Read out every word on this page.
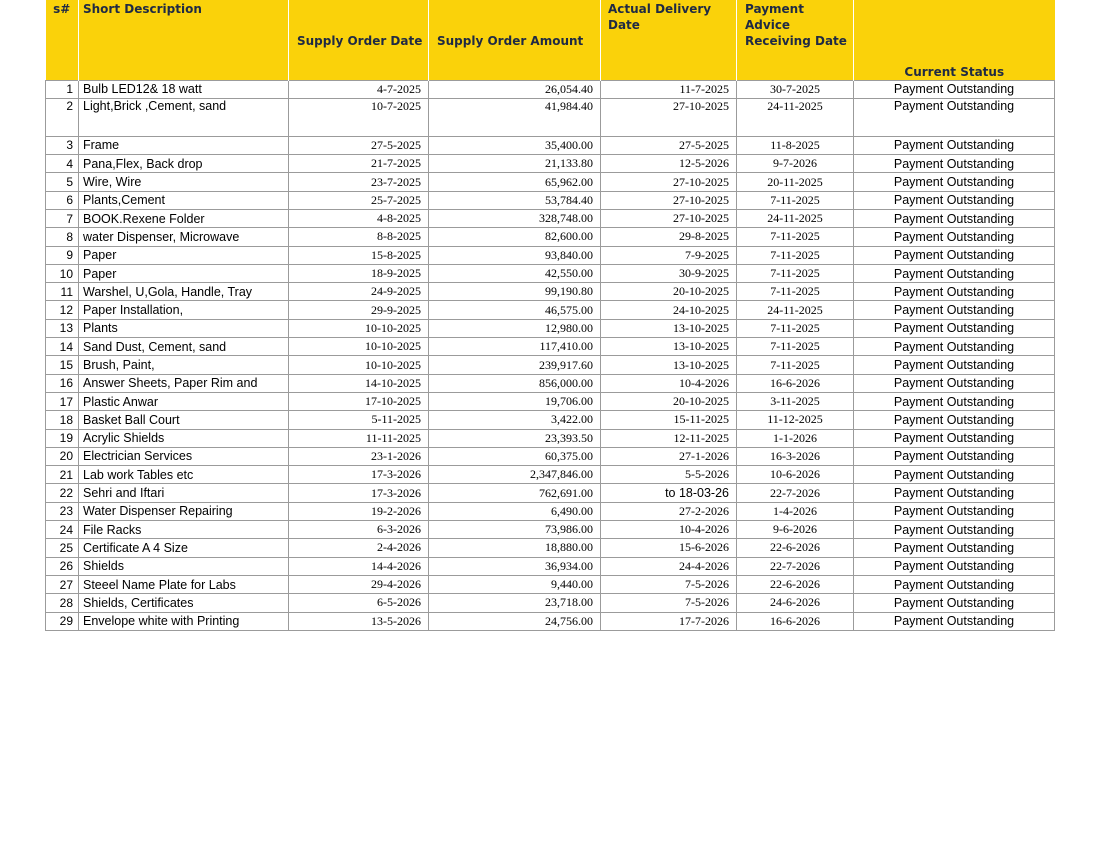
s#	Short Description	Supply Order Date	Supply Order Amount	Actual Delivery Date	Payment Advice Receiving Date	Current Status
1	Bulb LED12& 18 watt	4-7-2025	26,054.40	11-7-2025	30-7-2025	Payment Outstanding
2	Light,Brick ,Cement, sand	10-7-2025	41,984.40	27-10-2025	24-11-2025	Payment Outstanding
3	Frame	27-5-2025	35,400.00	27-5-2025	11-8-2025	Payment Outstanding
4	Pana,Flex, Back drop	21-7-2025	21,133.80	12-5-2026	9-7-2026	Payment Outstanding
5	Wire, Wire	23-7-2025	65,962.00	27-10-2025	20-11-2025	Payment Outstanding
6	Plants,Cement	25-7-2025	53,784.40	27-10-2025	7-11-2025	Payment Outstanding
7	BOOK.Rexene Folder	4-8-2025	328,748.00	27-10-2025	24-11-2025	Payment Outstanding
8	water Dispenser, Microwave	8-8-2025	82,600.00	29-8-2025	7-11-2025	Payment Outstanding
9	Paper	15-8-2025	93,840.00	7-9-2025	7-11-2025	Payment Outstanding
10	Paper	18-9-2025	42,550.00	30-9-2025	7-11-2025	Payment Outstanding
11	Warshel, U,Gola, Handle, Tray	24-9-2025	99,190.80	20-10-2025	7-11-2025	Payment Outstanding
12	Paper Installation,	29-9-2025	46,575.00	24-10-2025	24-11-2025	Payment Outstanding
13	Plants	10-10-2025	12,980.00	13-10-2025	7-11-2025	Payment Outstanding
14	Sand Dust, Cement, sand	10-10-2025	117,410.00	13-10-2025	7-11-2025	Payment Outstanding
15	Brush, Paint,	10-10-2025	239,917.60	13-10-2025	7-11-2025	Payment Outstanding
16	Answer Sheets, Paper Rim and	14-10-2025	856,000.00	10-4-2026	16-6-2026	Payment Outstanding
17	Plastic Anwar	17-10-2025	19,706.00	20-10-2025	3-11-2025	Payment Outstanding
18	Basket Ball Court	5-11-2025	3,422.00	15-11-2025	11-12-2025	Payment Outstanding
19	Acrylic Shields	11-11-2025	23,393.50	12-11-2025	1-1-2026	Payment Outstanding
20	Electrician Services	23-1-2026	60,375.00	27-1-2026	16-3-2026	Payment Outstanding
21	Lab work Tables etc	17-3-2026	2,347,846.00	5-5-2026	10-6-2026	Payment Outstanding
22	Sehri and Iftari	17-3-2026	762,691.00	to 18-03-26	22-7-2026	Payment Outstanding
23	Water Dispenser Repairing	19-2-2026	6,490.00	27-2-2026	1-4-2026	Payment Outstanding
24	File Racks	6-3-2026	73,986.00	10-4-2026	9-6-2026	Payment Outstanding
25	Certificate A 4 Size	2-4-2026	18,880.00	15-6-2026	22-6-2026	Payment Outstanding
26	Shields	14-4-2026	36,934.00	24-4-2026	22-7-2026	Payment Outstanding
27	Steeel Name Plate for Labs	29-4-2026	9,440.00	7-5-2026	22-6-2026	Payment Outstanding
28	Shields, Certificates	6-5-2026	23,718.00	7-5-2026	24-6-2026	Payment Outstanding
29	Envelope white with Printing	13-5-2026	24,756.00	17-7-2026	16-6-2026	Payment Outstanding
